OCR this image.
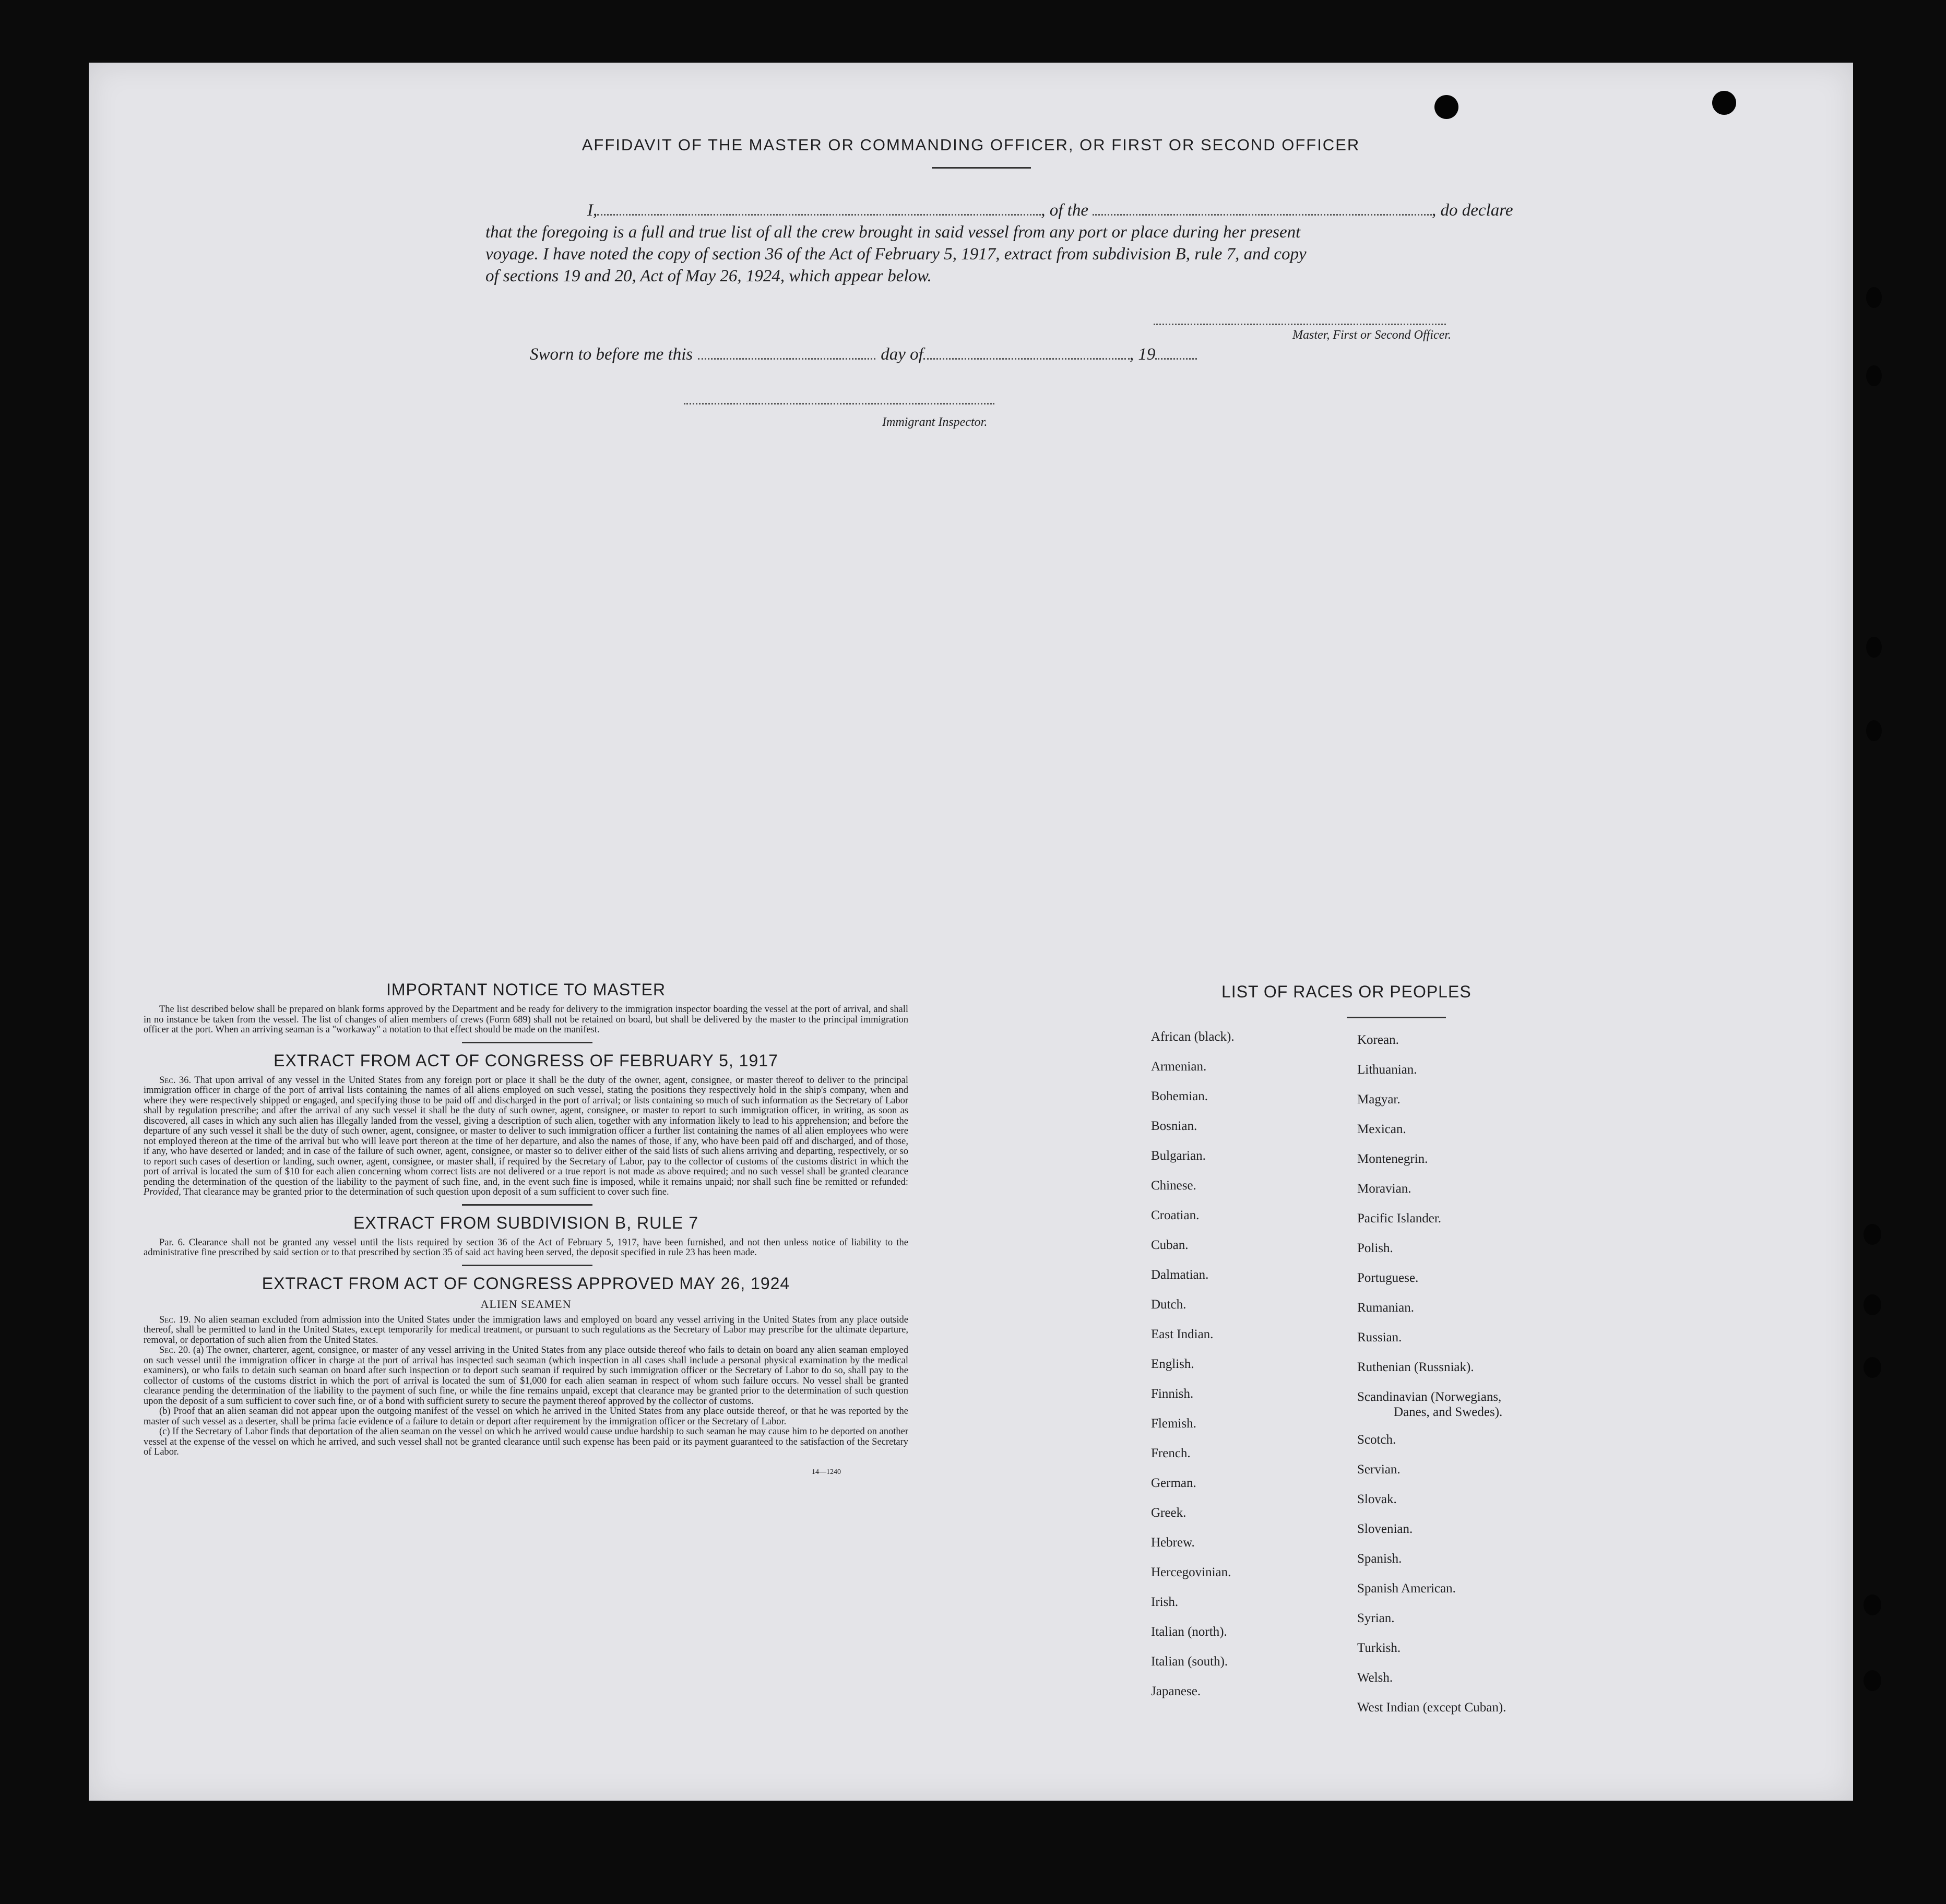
AFFIDAVIT OF THE MASTER OR COMMANDING OFFICER, OR FIRST OR SECOND OFFICER
I,	, of the	, do declare
that the foregoing is a full and true list of all the crew brought in said vessel from any port or place during her present
voyage. I have noted the copy of section 36 of the Act of February 5, 1917, extract from subdivision B, rule 7, and copy
of sections 19 and 20, Act of May 26, 1924, which appear below.
Master, First or Second Officer.
Sworn to before me this	day of	, 19
Immigrant Inspector.
IMPORTANT NOTICE TO MASTER
The list described below shall be prepared on blank forms approved by the Department and be ready for delivery to the immigration inspector boarding the vessel at the port of arrival, and shall in no instance be taken from the vessel. The list of changes of alien members of crews (Form 689) shall not be retained on board, but shall be delivered by the master to the principal immigration officer at the port. When an arriving seaman is a "workaway" a notation to that effect should be made on the manifest.
EXTRACT FROM ACT OF CONGRESS OF FEBRUARY 5, 1917
Sec. 36. That upon arrival of any vessel in the United States from any foreign port or place it shall be the duty of the owner, agent, consignee, or master thereof to deliver to the principal immigration officer in charge of the port of arrival lists containing the names of all aliens employed on such vessel, stating the positions they respectively hold in the ship's company, when and where they were respectively shipped or engaged, and specifying those to be paid off and discharged in the port of arrival; or lists containing so much of such information as the Secretary of Labor shall by regulation prescribe; and after the arrival of any such vessel it shall be the duty of such owner, agent, consignee, or master to report to such immigration officer, in writing, as soon as discovered, all cases in which any such alien has illegally landed from the vessel, giving a description of such alien, together with any information likely to lead to his apprehension; and before the departure of any such vessel it shall be the duty of such owner, agent, consignee, or master to deliver to such immigration officer a further list containing the names of all alien employees who were not employed thereon at the time of the arrival but who will leave port thereon at the time of her departure, and also the names of those, if any, who have been paid off and discharged, and of those, if any, who have deserted or landed; and in case of the failure of such owner, agent, consignee, or master so to deliver either of the said lists of such aliens arriving and departing, respectively, or so to report such cases of desertion or landing, such owner, agent, consignee, or master shall, if required by the Secretary of Labor, pay to the collector of customs of the customs district in which the port of arrival is located the sum of $10 for each alien concerning whom correct lists are not delivered or a true report is not made as above required; and no such vessel shall be granted clearance pending the determination of the question of the liability to the payment of such fine, and, in the event such fine is imposed, while it remains unpaid; nor shall such fine be remitted or refunded: Provided, That clearance may be granted prior to the determination of such question upon deposit of a sum sufficient to cover such fine.
EXTRACT FROM SUBDIVISION B, RULE 7
Par. 6. Clearance shall not be granted any vessel until the lists required by section 36 of the Act of February 5, 1917, have been furnished, and not then unless notice of liability to the administrative fine prescribed by said section or to that prescribed by section 35 of said act having been served, the deposit specified in rule 23 has been made.
EXTRACT FROM ACT OF CONGRESS APPROVED MAY 26, 1924
ALIEN SEAMEN

Sec. 19. No alien seaman excluded from admission into the United States under the immigration laws and employed on board any vessel arriving in the United States from any place outside thereof, shall be permitted to land in the United States, except temporarily for medical treatment, or pursuant to such regulations as the Secretary of Labor may prescribe for the ultimate departure, removal, or deportation of such alien from the United States.

Sec. 20. (a) The owner, charterer, agent, consignee, or master of any vessel arriving in the United States from any place outside thereof who fails to detain on board any alien seaman employed on such vessel until the immigration officer in charge at the port of arrival has inspected such seaman (which inspection in all cases shall include a personal physical examination by the medical examiners), or who fails to detain such seaman on board after such inspection or to deport such seaman if required by such immigration officer or the Secretary of Labor to do so, shall pay to the collector of customs of the customs district in which the port of arrival is located the sum of $1,000 for each alien seaman in respect of whom such failure occurs. No vessel shall be granted clearance pending the determination of the liability to the payment of such fine, or while the fine remains unpaid, except that clearance may be granted prior to the determination of such question upon the deposit of a sum sufficient to cover such fine, or of a bond with sufficient surety to secure the payment thereof approved by the collector of customs.

(b) Proof that an alien seaman did not appear upon the outgoing manifest of the vessel on which he arrived in the United States from any place outside thereof, or that he was reported by the master of such vessel as a deserter, shall be prima facie evidence of a failure to detain or deport after requirement by the immigration officer or the Secretary of Labor.

(c) If the Secretary of Labor finds that deportation of the alien seaman on the vessel on which he arrived would cause undue hardship to such seaman he may cause him to be deported on another vessel at the expense of the vessel on which he arrived, and such vessel shall not be granted clearance until such expense has been paid or its payment guaranteed to the satisfaction of the Secretary of Labor.

14—1240
LIST OF RACES OR PEOPLES
African (black).
Armenian.
Bohemian.
Bosnian.
Bulgarian.
Chinese.
Croatian.
Cuban.
Dalmatian.
Dutch.
East Indian.
English.
Finnish.
Flemish.
French.
German.
Greek.
Hebrew.
Hercegovinian.
Irish.
Italian (north).
Italian (south).
Japanese.
Korean.
Lithuanian.
Magyar.
Mexican.
Montenegrin.
Moravian.
Pacific Islander.
Polish.
Portuguese.
Rumanian.
Russian.
Ruthenian (Russniak).
Scandinavian (Norwegians,
Danes, and Swedes).
Scotch.
Servian.
Slovak.
Slovenian.
Spanish.
Spanish American.
Syrian.
Turkish.
Welsh.
West Indian (except Cuban).
